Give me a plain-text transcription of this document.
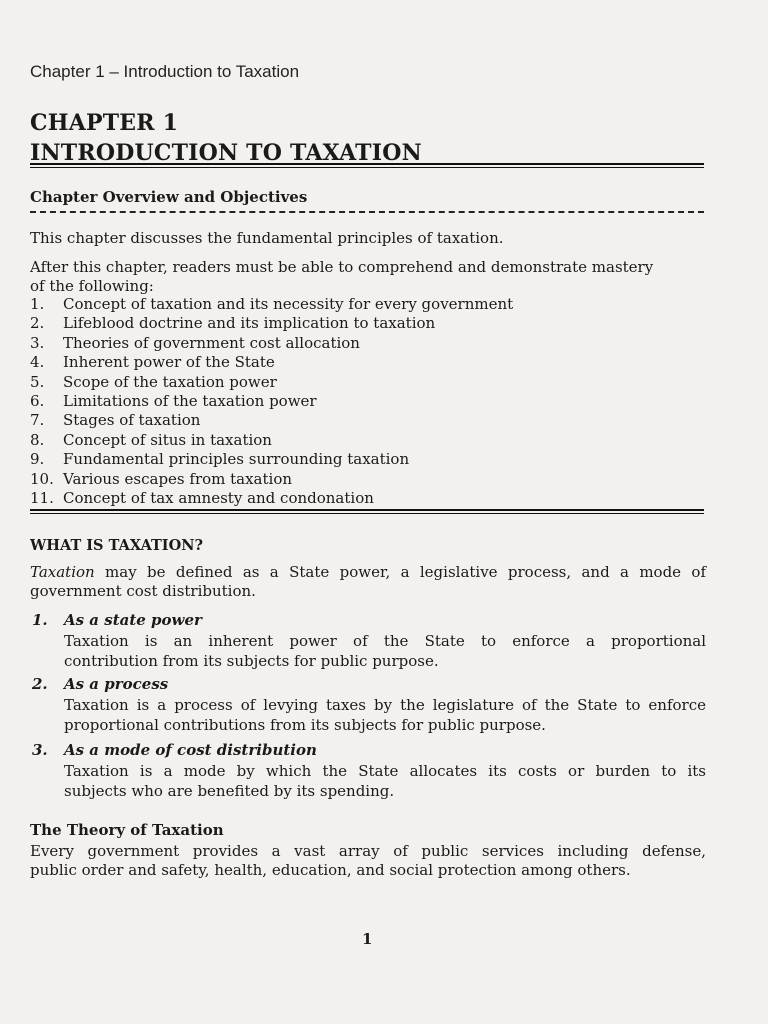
Chapter 1 – Introduction to Taxation
CHAPTER 1
INTRODUCTION TO TAXATION
Chapter Overview and Objectives
This chapter discusses the fundamental principles of taxation.
After this chapter, readers must be able to comprehend and demonstrate mastery
of the following:
1. Concept of taxation and its necessity for every government
2. Lifeblood doctrine and its implication to taxation
3. Theories of government cost allocation
4. Inherent power of the State
5. Scope of the taxation power
6. Limitations of the taxation power
7. Stages of taxation
8. Concept of situs in taxation
9. Fundamental principles surrounding taxation
10. Various escapes from taxation
11. Concept of tax amnesty and condonation
WHAT IS TAXATION?
Taxation may be defined as a State power, a legislative process, and a mode of
government cost distribution.
1. As a state power
Taxation is an inherent power of the State to enforce a proportional
contribution from its subjects for public purpose.
2. As a process
Taxation is a process of levying taxes by the legislature of the State to enforce
proportional contributions from its subjects for public purpose.
3. As a mode of cost distribution
Taxation is a mode by which the State allocates its costs or burden to its
subjects who are benefited by its spending.
The Theory of Taxation
Every government provides a vast array of public services including defense,
public order and safety, health, education, and social protection among others.
1
